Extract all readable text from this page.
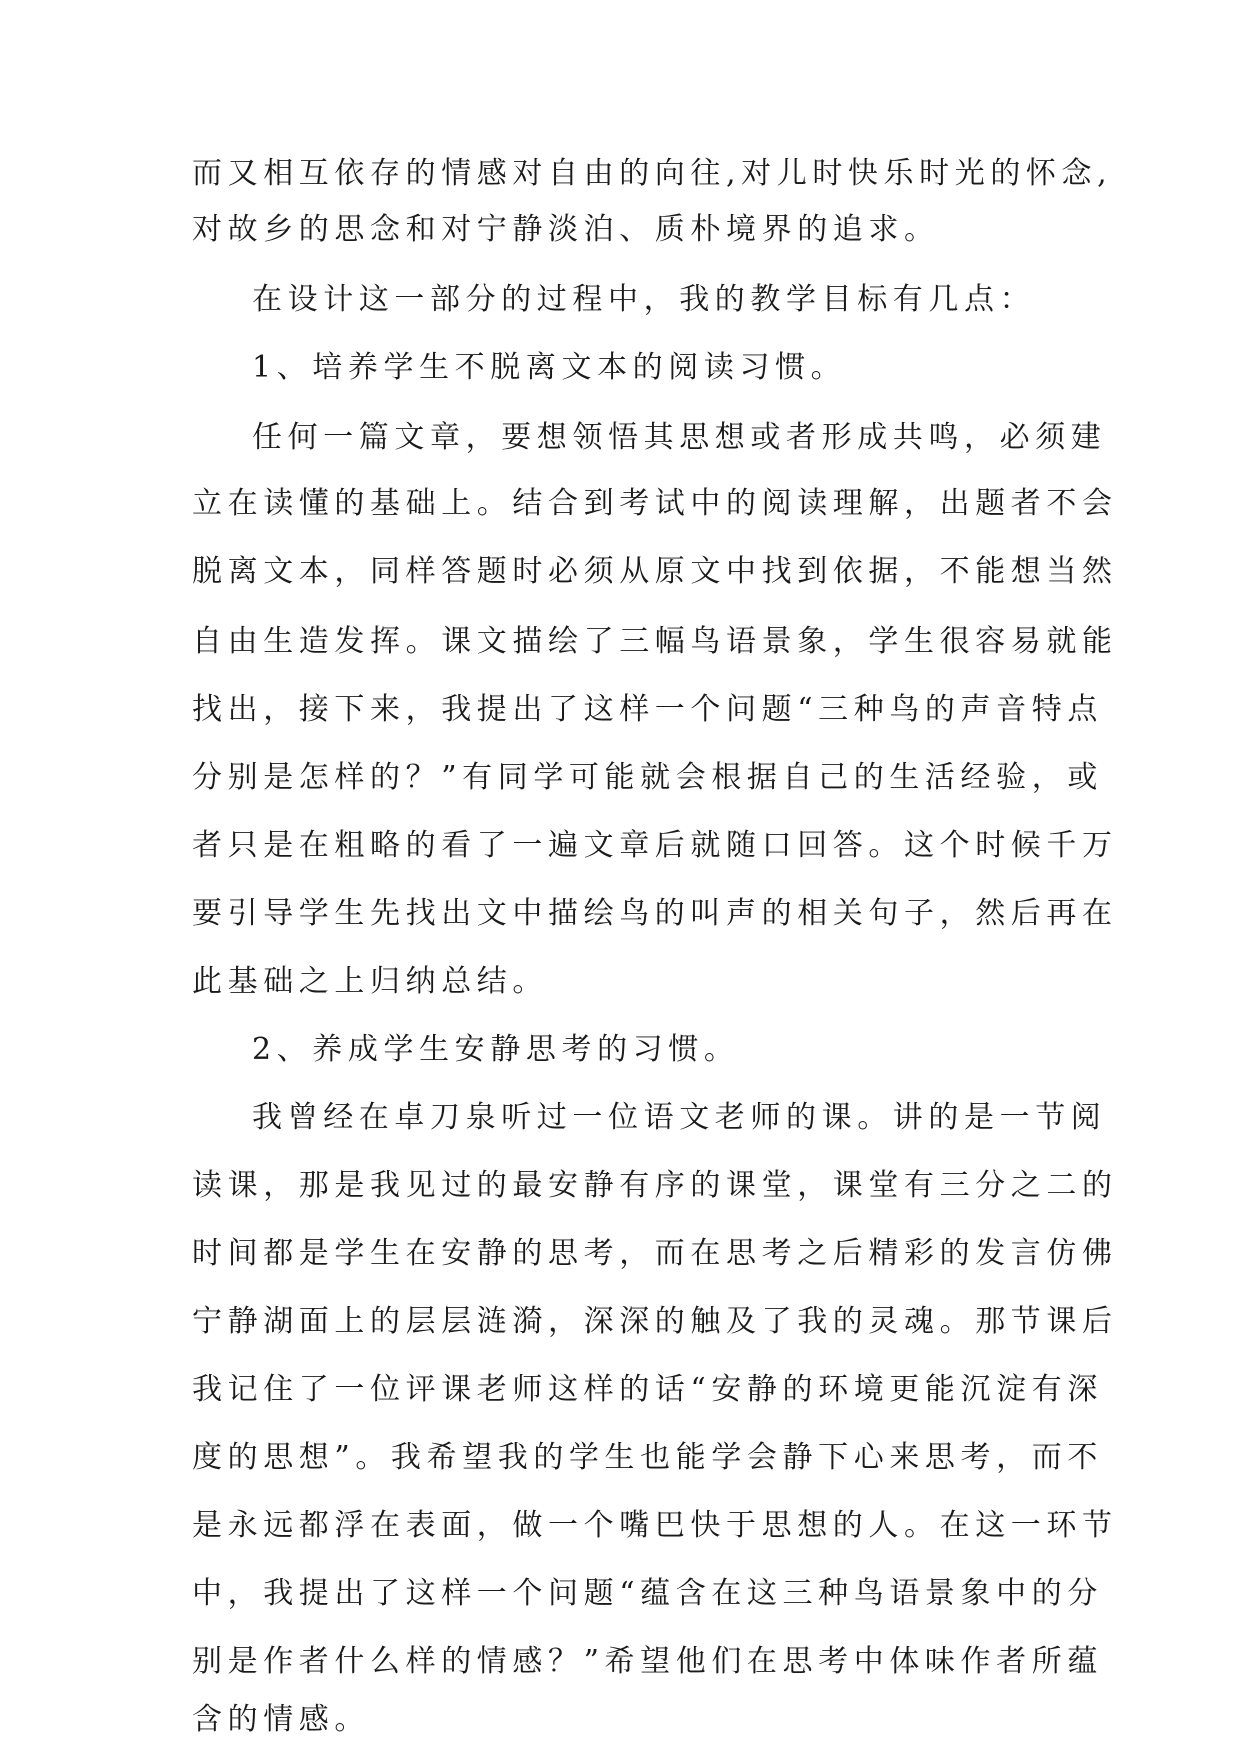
而又相互依存的情感对自由的向往,对儿时快乐时光的怀念,
对故乡的思念和对宁静淡泊、质朴境界的追求。
在设计这一部分的过程中，我的教学目标有几点：
1、培养学生不脱离文本的阅读习惯。
任何一篇文章，要想领悟其思想或者形成共鸣，必须建
立在读懂的基础上。结合到考试中的阅读理解，出题者不会
脱离文本，同样答题时必须从原文中找到依据，不能想当然
自由生造发挥。课文描绘了三幅鸟语景象，学生很容易就能
找出，接下来，我提出了这样一个问题“三种鸟的声音特点
分别是怎样的？”有同学可能就会根据自己的生活经验，或
者只是在粗略的看了一遍文章后就随口回答。这个时候千万
要引导学生先找出文中描绘鸟的叫声的相关句子，然后再在
此基础之上归纳总结。
2、养成学生安静思考的习惯。
我曾经在卓刀泉听过一位语文老师的课。讲的是一节阅
读课，那是我见过的最安静有序的课堂，课堂有三分之二的
时间都是学生在安静的思考，而在思考之后精彩的发言仿佛
宁静湖面上的层层涟漪，深深的触及了我的灵魂。那节课后
我记住了一位评课老师这样的话“安静的环境更能沉淀有深
度的思想”。我希望我的学生也能学会静下心来思考，而不
是永远都浮在表面，做一个嘴巴快于思想的人。在这一环节
中，我提出了这样一个问题“蕴含在这三种鸟语景象中的分
别是作者什么样的情感？”希望他们在思考中体味作者所蕴
含的情感。
